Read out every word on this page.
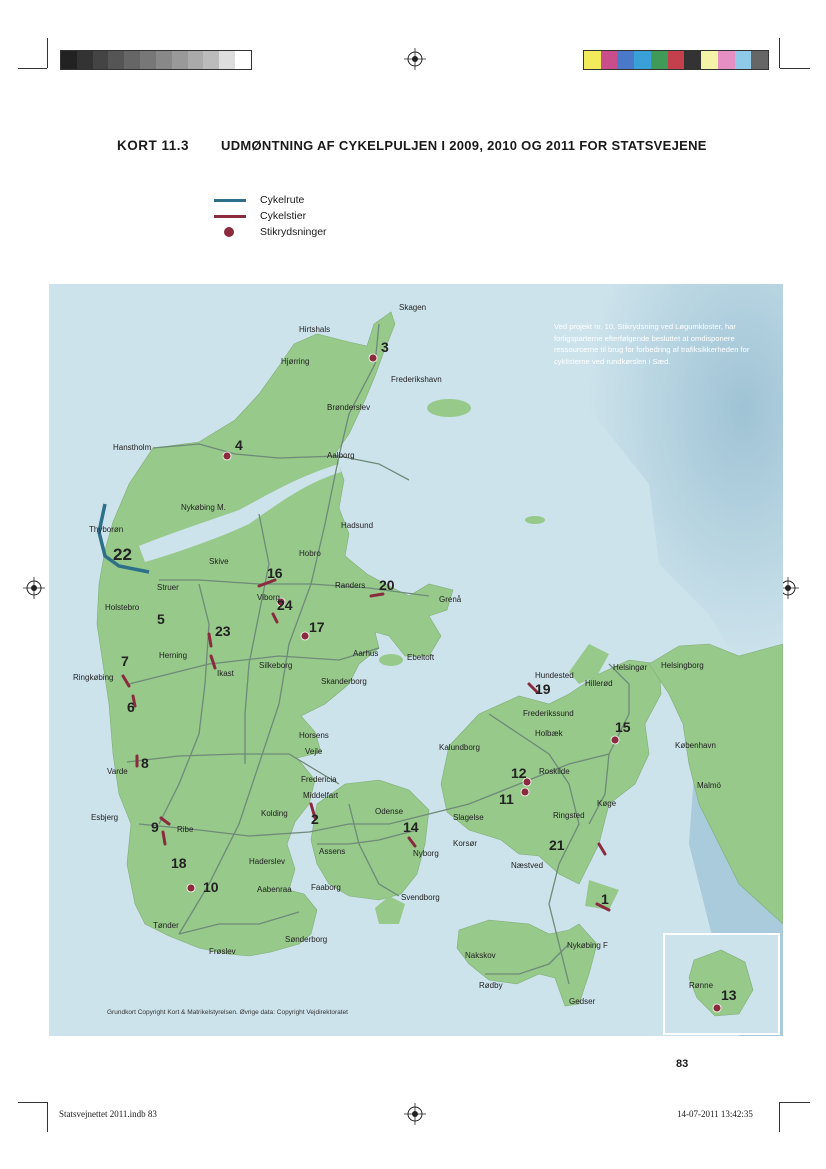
KORT 11.3 UDMØNTNING AF CYKELPULJEN I 2009, 2010 OG 2011 FOR STATSVEJENE
Cykelrute
Cykelstier
Stikrydsninger
Skagen
Hirtshals
Hjørring
Frederikshavn
Brønderslev
Hanstholm
Aalborg
Nykøbing M.
Hadsund
Thyborøn
Hobro
Skive
Struer
Viborg
Randers
Grenå
Holstebro
Herning
Silkeborg
Aarhus	Ebeltoft
Ringkøbing	Ikast
Skanderborg
Horsens
Vejle
Varde
Fredericia
Middelfart
Esbjerg	Kolding	Odense
Ribe
Assens	Nyborg
Haderslev
Aabenraa Faaborg
Svendborg
Tønder
Sønderborg
Frøslev
Hundested
Helsingør Helsingborg
Hillerød
Frederikssund
Holbæk
København
Kalundborg
Roskilde
Malmö
Køge
Slagelse	Ringsted
Korsør
Næstved
Nakskov
Nykøbing F
Rødby
Gedser
Rønne
1
2
3
4
5
6
7
8
9
10
11
12
13
14
15
16
17
18
19
20
21
22
23
24
Grundkort Copyright Kort & Matrikelstyrelsen. Øvrige data: Copyright Vejdirektoratet
Ved projekt nr. 10, Stikrydsning ved Løgumkloster, har forligsparterne efterfølgende besluttet at omdisponere ressourcerne til brug for forbedring af trafiksikkerheden for cyklisterne ved rundkørslen i Sæd.
83
Statsvejnettet 2011.indb 83	14-07-2011 13:42:35
